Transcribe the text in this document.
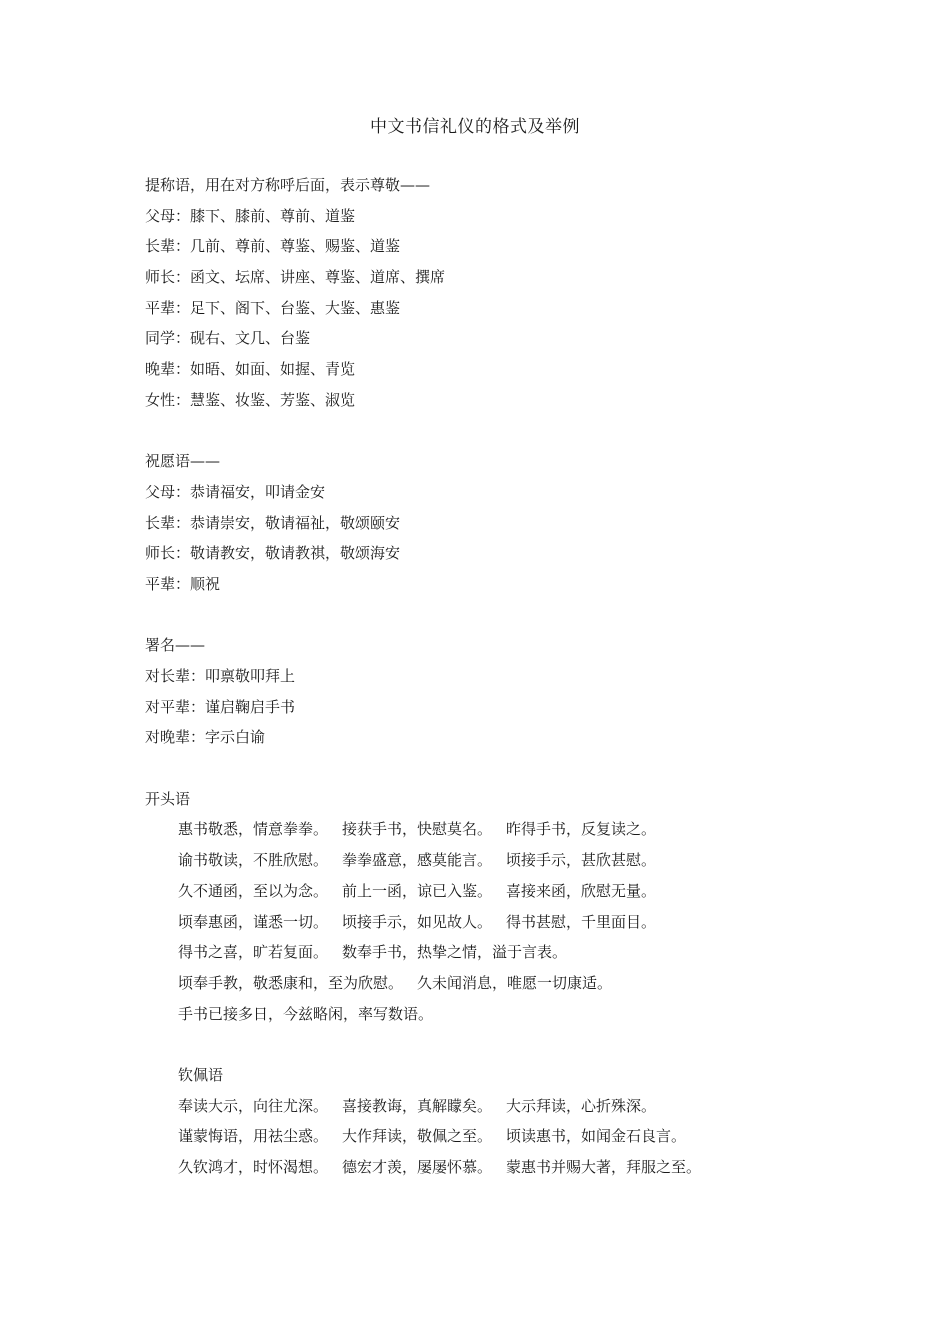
中文书信礼仪的格式及举例
提称语，用在对方称呼后面，表示尊敬——
父母：膝下、膝前、尊前、道鉴
长辈：几前、尊前、尊鉴、赐鉴、道鉴
师长：函文、坛席、讲座、尊鉴、道席、撰席
平辈：足下、阁下、台鉴、大鉴、惠鉴
同学：砚右、文几、台鉴
晚辈：如晤、如面、如握、青览
女性：慧鉴、妆鉴、芳鉴、淑览
祝愿语——
父母：恭请福安，叩请金安
长辈：恭请崇安，敬请福祉，敬颂颐安
师长：敬请教安，敬请教祺，敬颂海安
平辈：顺祝
署名——
对长辈：叩禀敬叩拜上
对平辈：谨启鞠启手书
对晚辈：字示白谕
开头语
惠书敬悉，情意拳拳。 接获手书，快慰莫名。 昨得手书，反复读之。
谕书敬读，不胜欣慰。 拳拳盛意，感莫能言。 顷接手示，甚欣甚慰。
久不通函，至以为念。 前上一函，谅已入鉴。 喜接来函，欣慰无量。
顷奉惠函，谨悉一切。 顷接手示，如见故人。 得书甚慰，千里面目。
得书之喜，旷若复面。 数奉手书，热挚之情，溢于言表。
顷奉手教，敬悉康和，至为欣慰。 久未闻消息，唯愿一切康适。
手书已接多日，今兹略闲，率写数语。
钦佩语
奉读大示，向往尤深。 喜接教诲，真解矇矣。 大示拜读，心折殊深。
谨蒙悔语，用祛尘惑。 大作拜读，敬佩之至。 顷读惠书，如闻金石良言。
久钦鸿才，时怀渴想。 德宏才羡，屡屡怀慕。 蒙惠书并赐大著，拜服之至。
